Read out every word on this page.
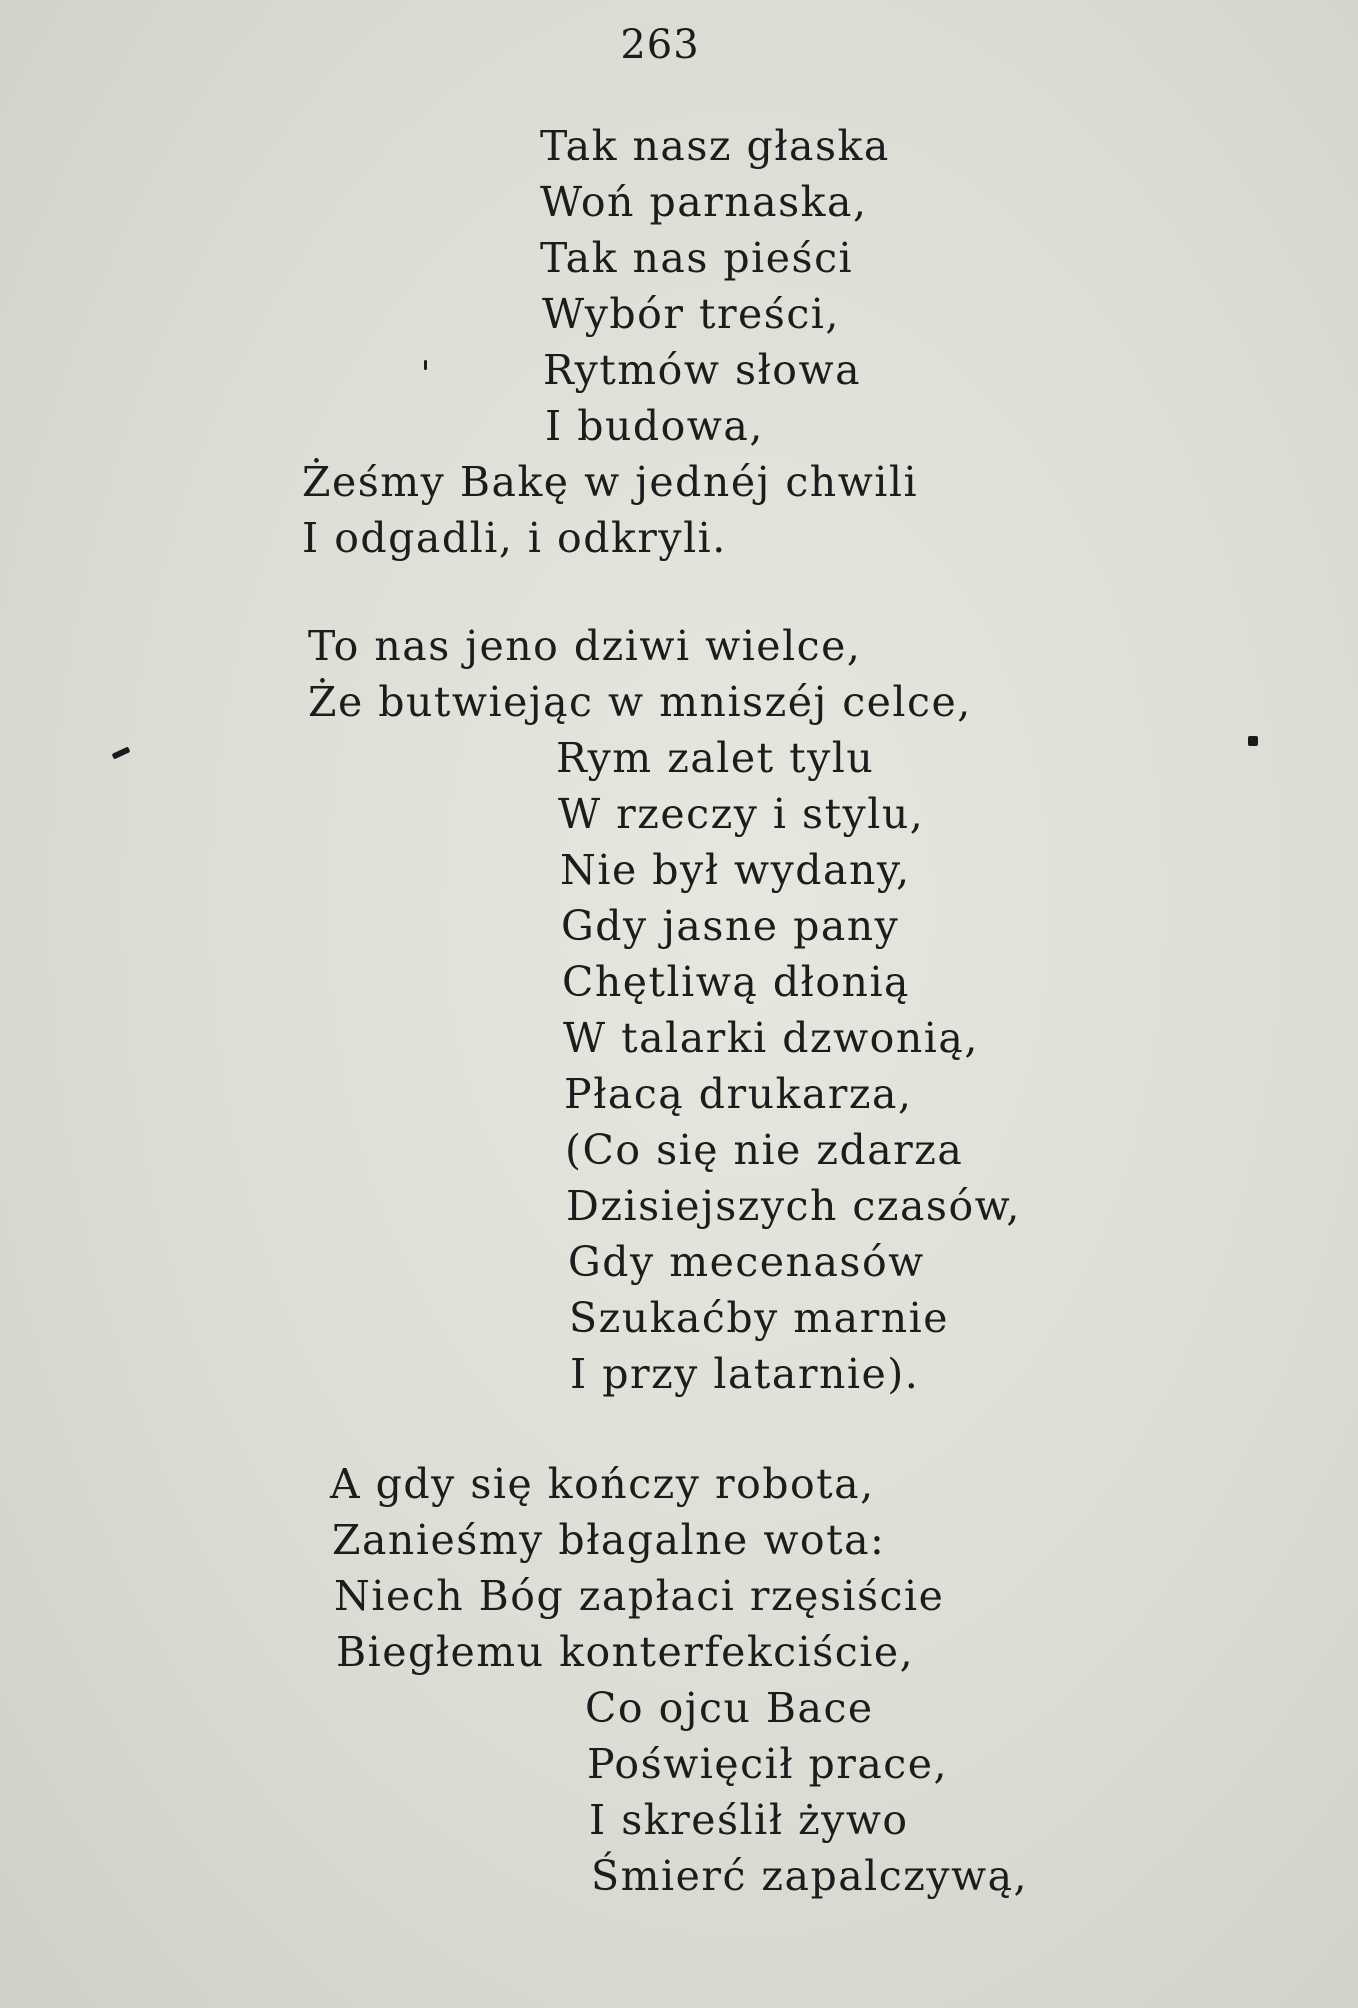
263
Tak nasz głaska
Woń parnaska,
Tak nas pieści
Wybór treści,
Rytmów słowa
I budowa,
Żeśmy Bakę w jednéj chwili
I odgadli, i odkryli.
To nas jeno dziwi wielce,
Że butwiejąc w mniszéj celce,
Rym zalet tylu
W rzeczy i stylu,
Nie był wydany,
Gdy jasne pany
Chętliwą dłonią
W talarki dzwonią,
Płacą drukarza,
(Co się nie zdarza
Dzisiejszych czasów,
Gdy mecenasów
Szukaćby marnie
I przy latarnie).
A gdy się kończy robota,
Zanieśmy błagalne wota:
Niech Bóg zapłaci rzęsiście
Biegłemu konterfekciście,
Co ojcu Bace
Poświęcił prace,
I skreślił żywo
Śmierć zapalczywą,
